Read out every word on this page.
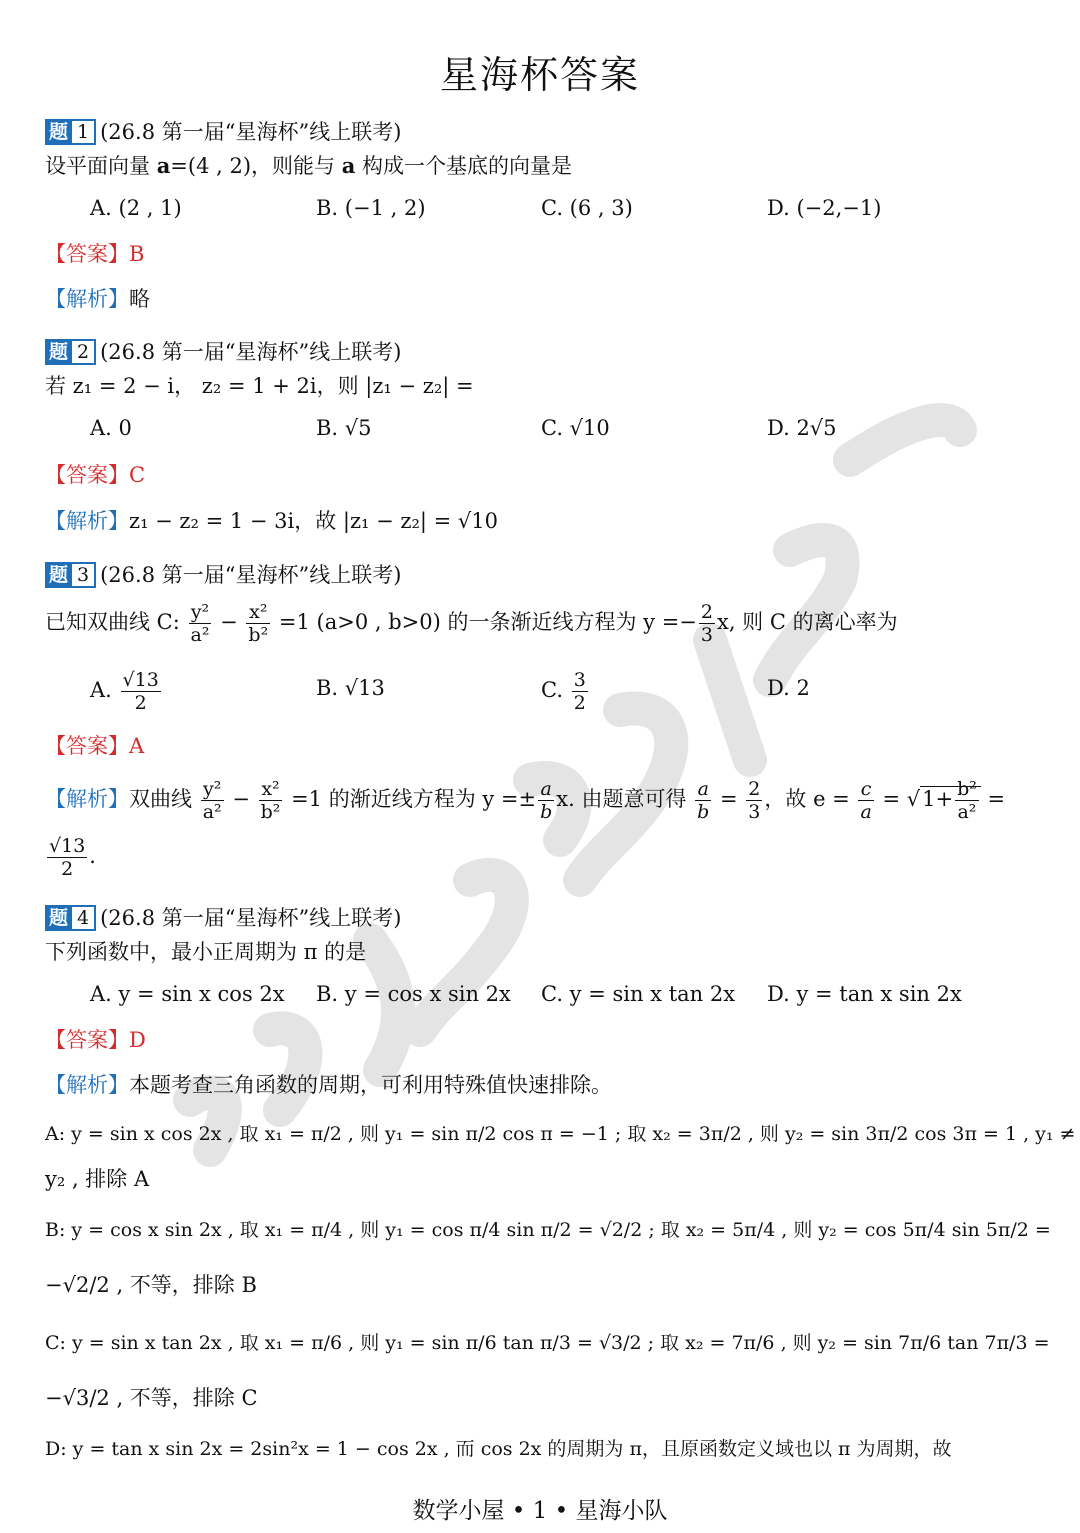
星海杯答案
题 1 (26.8 第一届“星海杯”线上联考)
设平面向量 a=(4 , 2)，则能与 a 构成一个基底的向量是
A. (2 , 1)	B. (−1 , 2)	C. (6 , 3)	D. (−2,−1)
【答案】B
【解析】略
题 2 (26.8 第一届“星海杯”线上联考)
若 z₁ = 2 − i， z₂ = 1 + 2i，则 |z₁ − z₂| =
A. 0	B. √5	C. √10	D. 2√5
【答案】C
【解析】z₁ − z₂ = 1 − 3i，故 |z₁ − z₂| = √10
题 3 (26.8 第一届“星海杯”线上联考)
已知双曲线 C: $\frac{\text{y²}}{\text{a²}} - \frac{\text{x²}}{\text{b²}} =1$ (a>0 , b>0) 的一条渐近线方程为 $y =- \frac{2}{3} x$, 则 C 的离心率为
A. $\frac{√13}{2}$	B. √13	C. $\frac{3}{2}$	D. 2
【答案】A
【解析】双曲线 $\frac{\text{y²}}{\text{a²}} - \frac{\text{x²}}{\text{b²}} =1$ 的渐近线方程为 $y =\pm \frac{a}{b} x$. 由题意可得 $\frac{a}{b} = \frac{2}{3}$ ，故 $e = \frac{c}{a} = √1+ \frac{\text{b²}}{\text{a²}}$ =
$\frac{√13}{2}$ .
题 4 (26.8 第一届“星海杯”线上联考)
下列函数中，最小正周期为 π 的是
A. y = sin x cos 2x B. y = cos x sin 2x C. y = sin x tan 2x D. y = tan x sin 2x
【答案】D
【解析】本题考查三角函数的周期，可利用特殊值快速排除。
A: y = sin x cos 2x , 取 x₁ = π/2 , 则 y₁ = sin π/2 cos π = −1 ; 取 x₂ = 3π/2 , 则 y₂ = sin 3π/2 cos 3π = 1 , y₁ ≠
y₂ , 排除 A
B: y = cos x sin 2x , 取 x₁ = π/4 , 则 y₁ = cos π/4 sin π/2 = √2/2 ; 取 x₂ = 5π/4 , 则 y₂ = cos 5π/4 sin 5π/2 =
−√2/2 , 不等，排除 B
C: y = sin x tan 2x , 取 x₁ = π/6 , 则 y₁ = sin π/6 tan π/3 = √3/2 ; 取 x₂ = 7π/6 , 则 y₂ = sin 7π/6 tan 7π/3 =
−√3/2 , 不等，排除 C
D: y = tan x sin 2x = 2sin²x = 1 − cos 2x , 而 cos 2x 的周期为 π，且原函数定义域也以 π 为周期，故
数学小屋 • 1 • 星海小队
